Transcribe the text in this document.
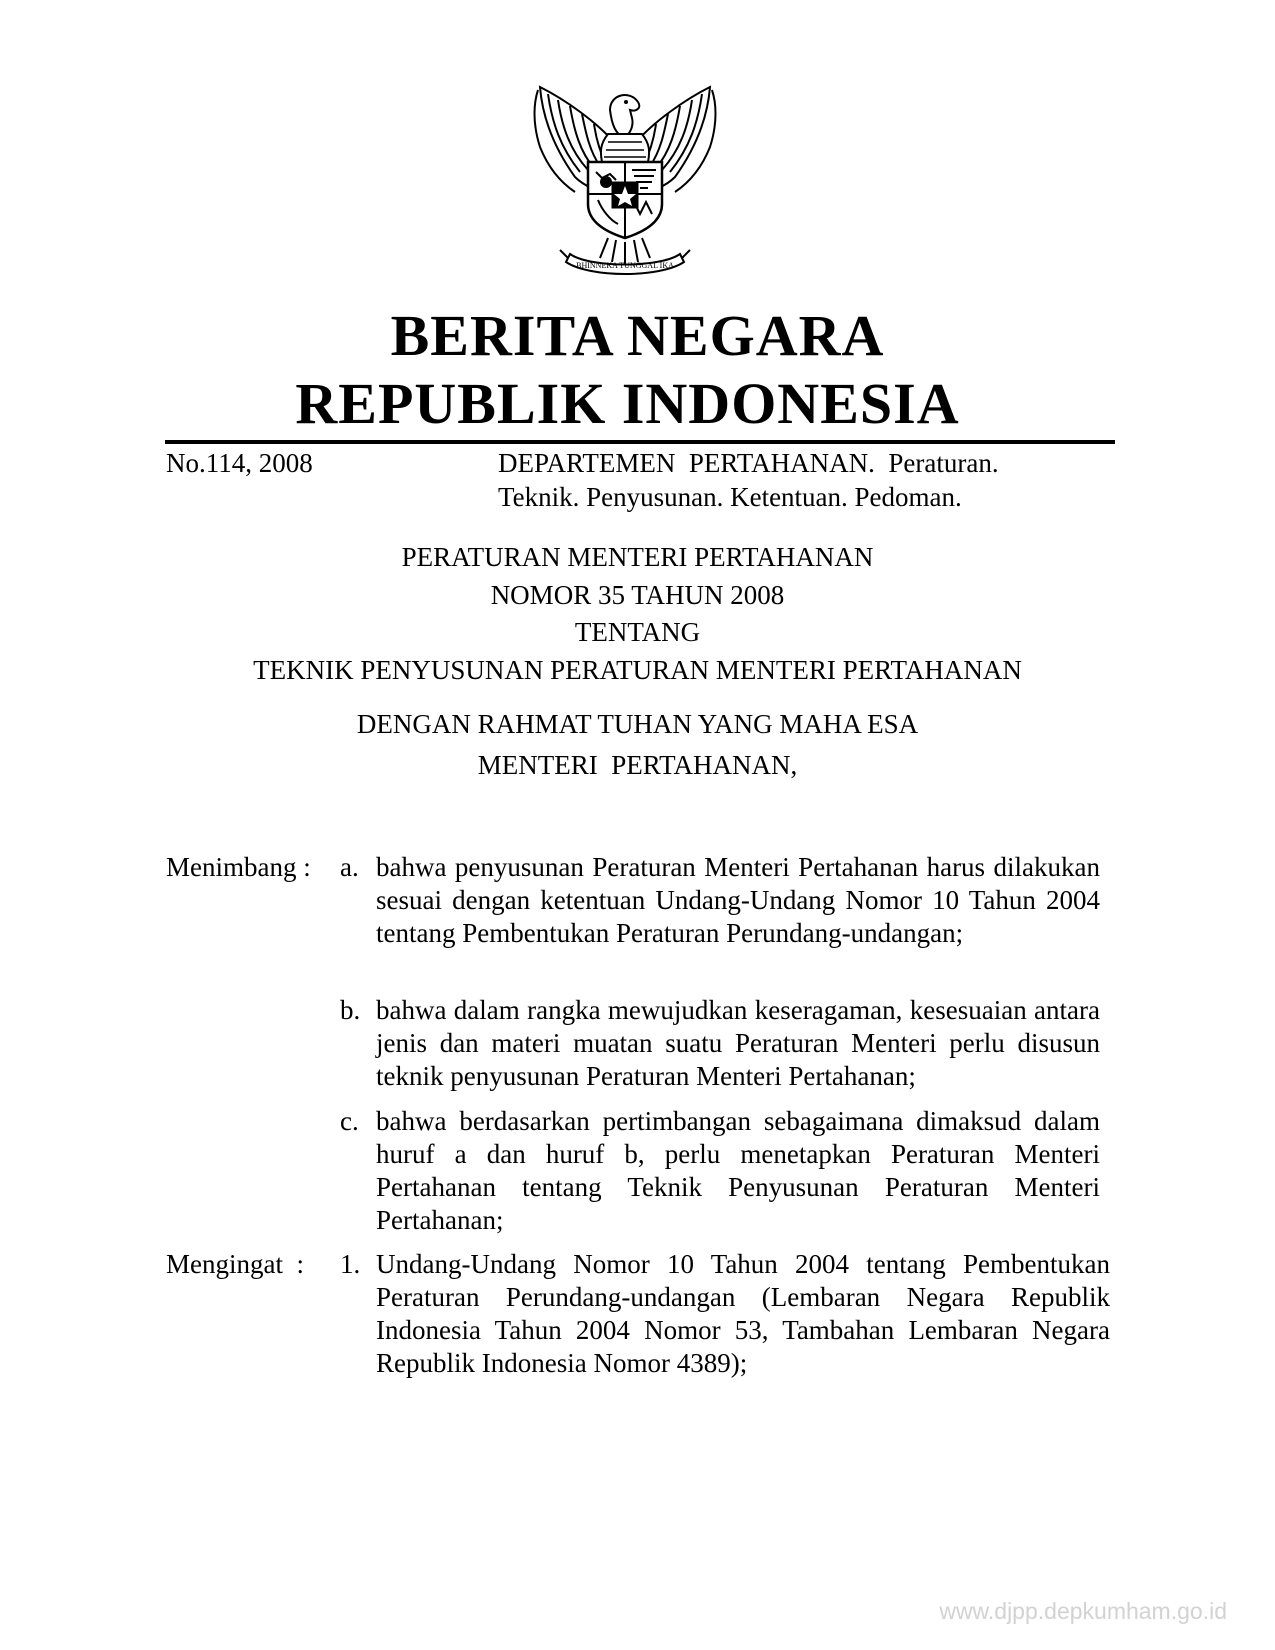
BHINNEKA TUNGGAL IKA
BERITA NEGARA
REPUBLIK INDONESIA
No.114, 2008	DEPARTEMEN  PERTAHANAN.  Peraturan.
Teknik. Penyusunan. Ketentuan. Pedoman.
PERATURAN MENTERI PERTAHANAN
NOMOR 35 TAHUN 2008
TENTANG
TEKNIK PENYUSUNAN PERATURAN MENTERI PERTAHANAN
DENGAN RAHMAT TUHAN YANG MAHA ESA
MENTERI  PERTAHANAN,
Menimbang : a. bahwa penyusunan Peraturan Menteri Pertahanan harus dilakukan sesuai dengan ketentuan Undang-Undang Nomor 10 Tahun 2004 tentang Pembentukan Peraturan Perundang-undangan;
b. bahwa dalam rangka mewujudkan keseragaman, kesesuaian antara jenis dan materi muatan suatu Peraturan Menteri perlu disusun teknik penyusunan Peraturan Menteri Pertahanan;
c. bahwa berdasarkan pertimbangan sebagaimana dimaksud dalam huruf a dan huruf b, perlu menetapkan Peraturan Menteri Pertahanan tentang Teknik Penyusunan Peraturan Menteri Pertahanan;
Mengingat  : 1. Undang-Undang Nomor 10 Tahun 2004 tentang Pembentukan Peraturan Perundang-undangan (Lembaran Negara Republik Indonesia Tahun 2004 Nomor 53, Tambahan Lembaran Negara Republik Indonesia Nomor 4389);
www.djpp.depkumham.go.id
